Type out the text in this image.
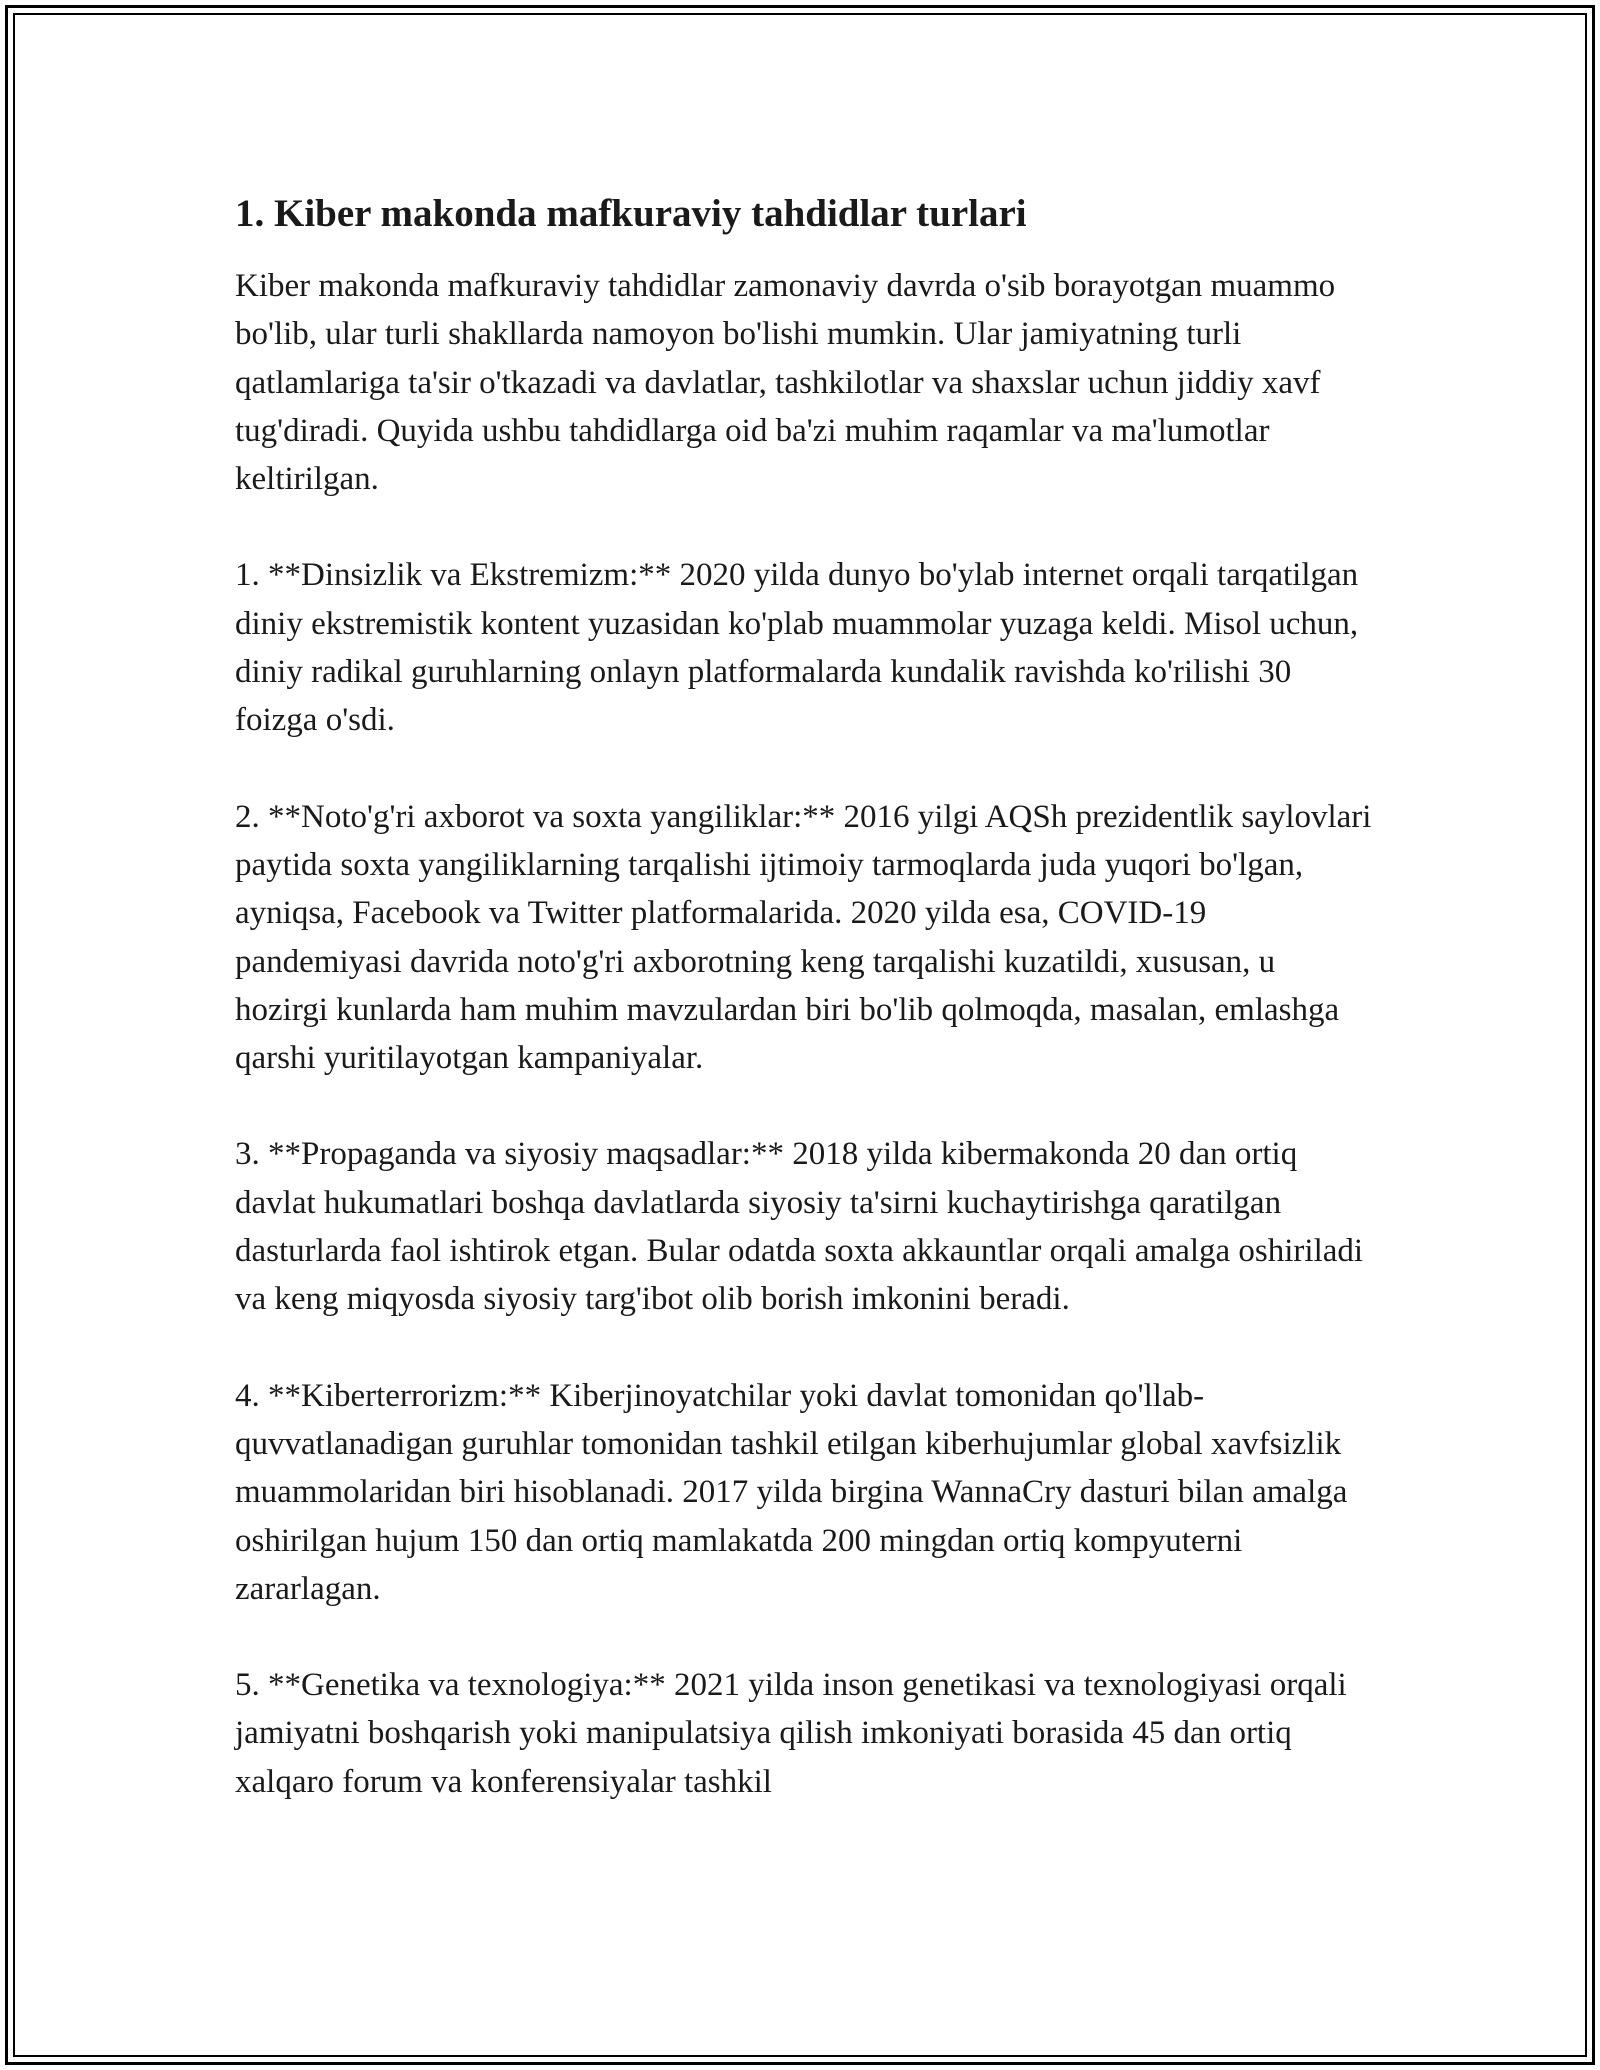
1. Kiber makonda mafkuraviy tahdidlar turlari

Kiber makonda mafkuraviy tahdidlar zamonaviy davrda o'sib borayotgan muammo bo'lib, ular turli shakllarda namoyon bo'lishi mumkin. Ular jamiyatning turli qatlamlariga ta'sir o'tkazadi va davlatlar, tashkilotlar va shaxslar uchun jiddiy xavf tug'diradi. Quyida ushbu tahdidlarga oid ba'zi muhim raqamlar va ma'lumotlar keltirilgan.

1. **Dinsizlik va Ekstremizm:** 2020 yilda dunyo bo'ylab internet orqali tarqatilgan diniy ekstremistik kontent yuzasidan ko'plab muammolar yuzaga keldi. Misol uchun, diniy radikal guruhlarning onlayn platformalarda kundalik ravishda ko'rilishi 30 foizga o'sdi.

2. **Noto'g'ri axborot va soxta yangiliklar:** 2016 yilgi AQSh prezidentlik saylovlari paytida soxta yangiliklarning tarqalishi ijtimoiy tarmoqlarda juda yuqori bo'lgan, ayniqsa, Facebook va Twitter platformalarida. 2020 yilda esa, COVID-19 pandemiyasi davrida noto'g'ri axborotning keng tarqalishi kuzatildi, xususan, u hozirgi kunlarda ham muhim mavzulardan biri bo'lib qolmoqda, masalan, emlashga qarshi yuritilayotgan kampaniyalar.

3. **Propaganda va siyosiy maqsadlar:** 2018 yilda kibermakonda 20 dan ortiq davlat hukumatlari boshqa davlatlarda siyosiy ta'sirni kuchaytirishga qaratilgan dasturlarda faol ishtirok etgan. Bular odatda soxta akkauntlar orqali amalga oshiriladi va keng miqyosda siyosiy targ'ibot olib borish imkonini beradi.

4. **Kiberterrorizm:** Kiberjinoyatchilar yoki davlat tomonidan qo'llab-quvvatlanadigan guruhlar tomonidan tashkil etilgan kiberhujumlar global xavfsizlik muammolaridan biri hisoblanadi. 2017 yilda birgina WannaCry dasturi bilan amalga oshirilgan hujum 150 dan ortiq mamlakatda 200 mingdan ortiq kompyuterni zararlagan.

5. **Genetika va texnologiya:** 2021 yilda inson genetikasi va texnologiyasi orqali jamiyatni boshqarish yoki manipulatsiya qilish imkoniyati borasida 45 dan ortiq xalqaro forum va konferensiyalar tashkil
